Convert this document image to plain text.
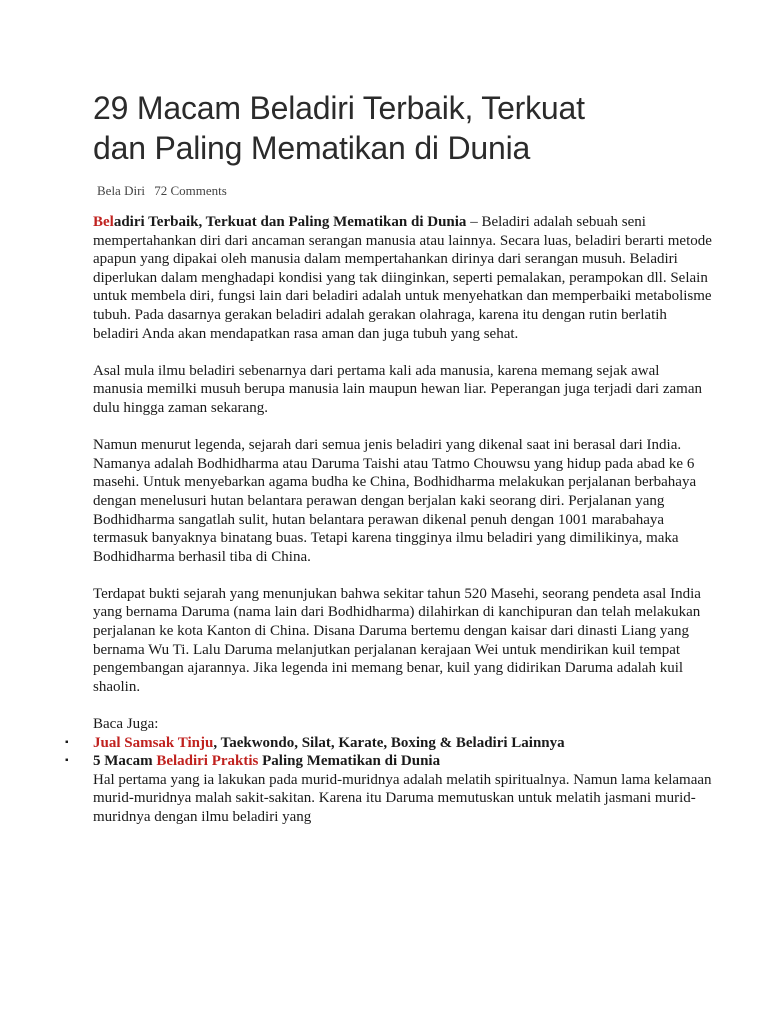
29 Macam Beladiri Terbaik, Terkuat
dan Paling Mematikan di Dunia
Bela Diri 72 Comments

Beladiri Terbaik, Terkuat dan Paling Mematikan di Dunia – Beladiri adalah sebuah seni mempertahankan diri dari ancaman serangan manusia atau lainnya. Secara luas, beladiri berarti metode apapun yang dipakai oleh manusia dalam mempertahankan dirinya dari serangan musuh. Beladiri diperlukan dalam menghadapi kondisi yang tak diinginkan, seperti pemalakan, perampokan dll. Selain untuk membela diri, fungsi lain dari beladiri adalah untuk menyehatkan dan memperbaiki metabolisme tubuh. Pada dasarnya gerakan beladiri adalah gerakan olahraga, karena itu dengan rutin berlatih beladiri Anda akan mendapatkan rasa aman dan juga tubuh yang sehat.

Asal mula ilmu beladiri sebenarnya dari pertama kali ada manusia, karena memang sejak awal manusia memilki musuh berupa manusia lain maupun hewan liar. Peperangan juga terjadi dari zaman dulu hingga zaman sekarang.

Namun menurut legenda, sejarah dari semua jenis beladiri yang dikenal saat ini berasal dari India. Namanya adalah Bodhidharma atau Daruma Taishi atau Tatmo Chouwsu yang hidup pada abad ke 6 masehi. Untuk menyebarkan agama budha ke China, Bodhidharma melakukan perjalanan berbahaya dengan menelusuri hutan belantara perawan dengan berjalan kaki seorang diri. Perjalanan yang Bodhidharma sangatlah sulit, hutan belantara perawan dikenal penuh dengan 1001 marabahaya termasuk banyaknya binatang buas. Tetapi karena tingginya ilmu beladiri yang dimilikinya, maka Bodhidharma berhasil tiba di China.

Terdapat bukti sejarah yang menunjukan bahwa sekitar tahun 520 Masehi, seorang pendeta asal India yang bernama Daruma (nama lain dari Bodhidharma) dilahirkan di kanchipuran dan telah melakukan perjalanan ke kota Kanton di China. Disana Daruma bertemu dengan kaisar dari dinasti Liang yang bernama Wu Ti. Lalu Daruma melanjutkan perjalanan kerajaan Wei untuk mendirikan kuil tempat pengembangan ajarannya. Jika legenda ini memang benar, kuil yang didirikan Daruma adalah kuil shaolin.

Baca Juga:

▪ Jual Samsak Tinju, Taekwondo, Silat, Karate, Boxing & Beladiri Lainnya
▪ 5 Macam Beladiri Praktis Paling Mematikan di Dunia

Hal pertama yang ia lakukan pada murid-muridnya adalah melatih spiritualnya. Namun lama kelamaan murid-muridnya malah sakit-sakitan. Karena itu Daruma memutuskan untuk melatih jasmani murid-muridnya dengan ilmu beladiri yang
